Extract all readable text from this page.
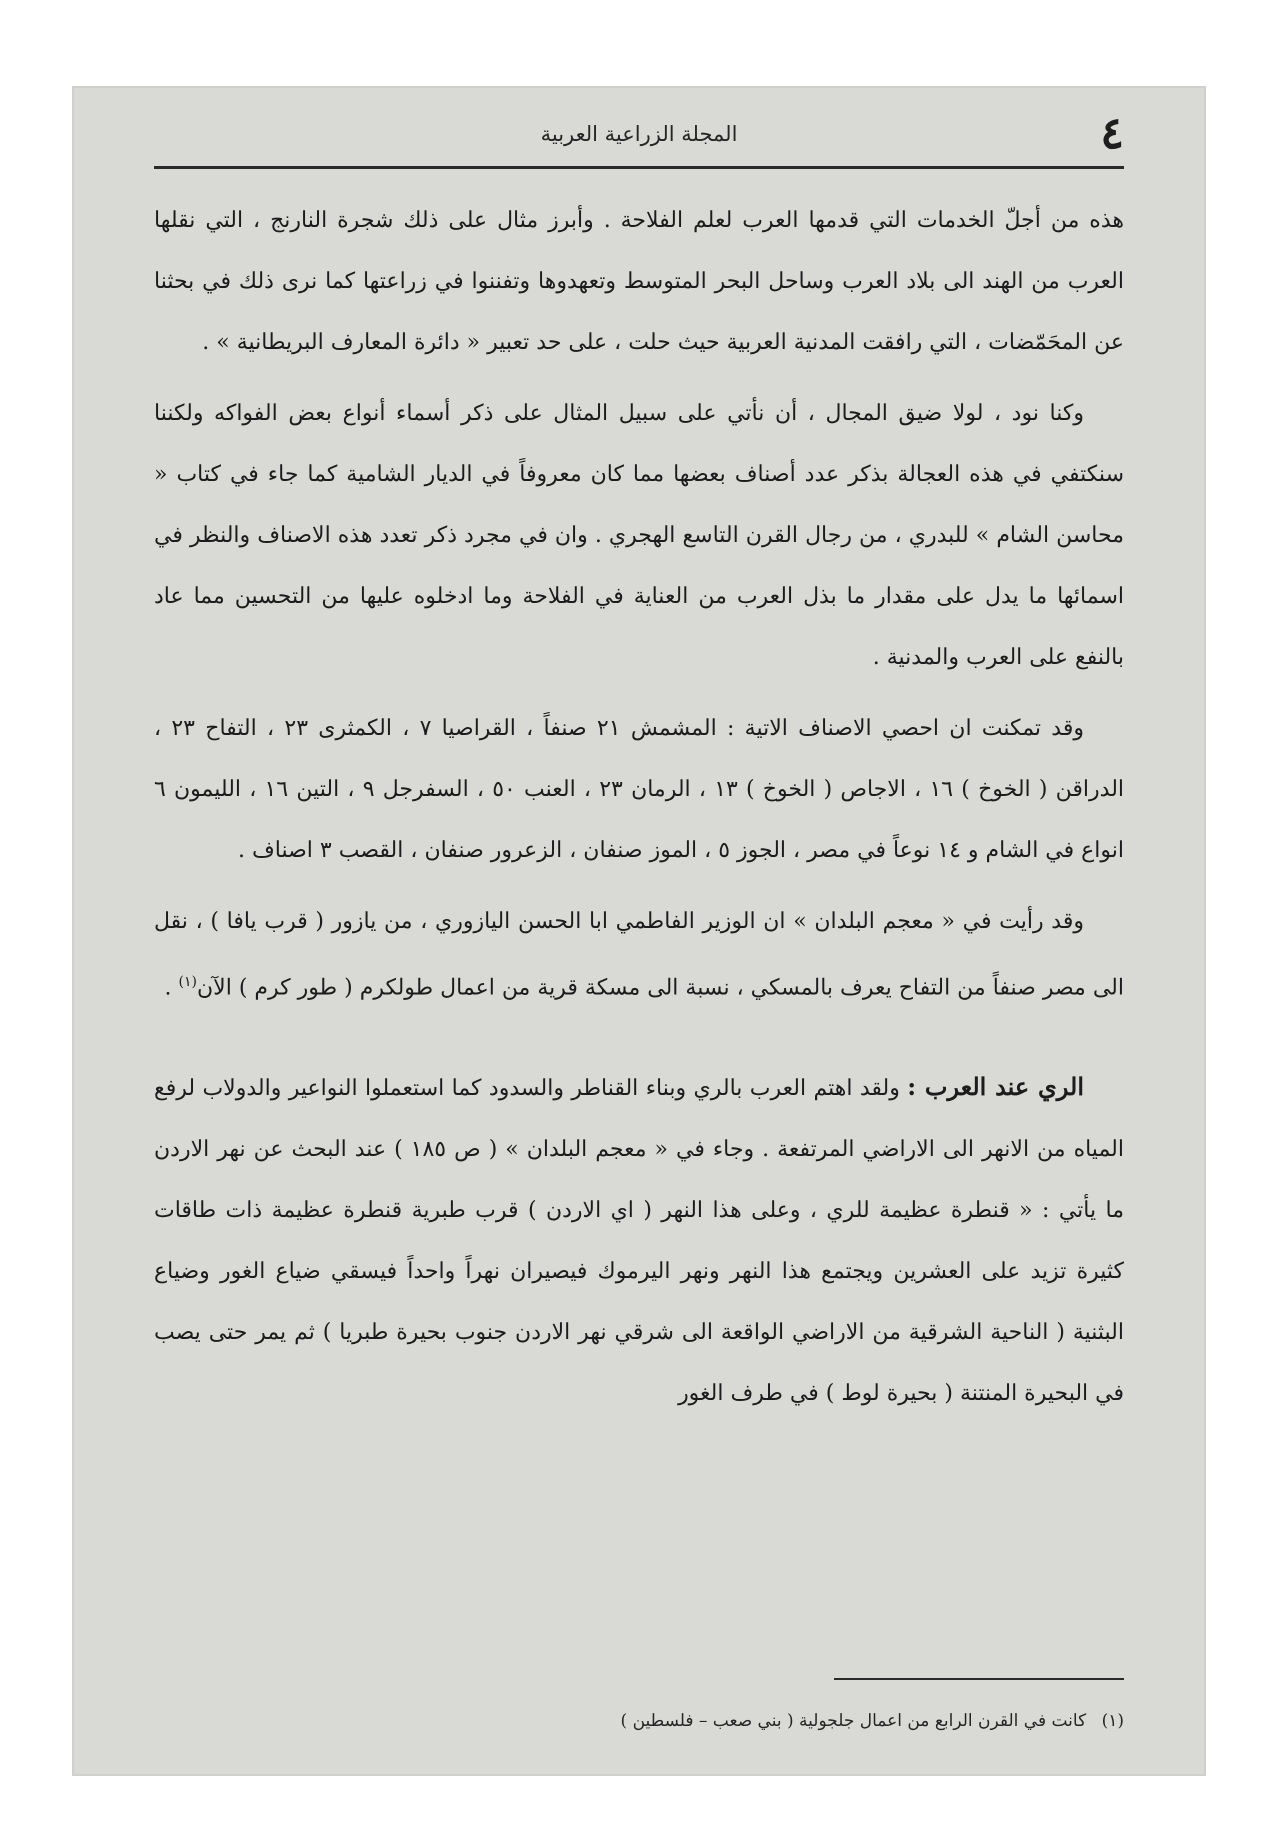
٤
المجلة الزراعية العربية

هذه من أجلّ الخدمات التي قدمها العرب لعلم الفلاحة . وأبرز مثال على ذلك شجرة النارنج ، التي نقلها العرب من الهند الى بلاد العرب وساحل البحر المتوسط وتعهدوها وتفننوا في زراعتها كما نرى ذلك في بحثنا عن المحَمّضات ، التي رافقت المدنية العربية حيث حلت ، على حد تعبير « دائرة المعارف البريطانية » .

وكنا نود ، لولا ضيق المجال ، أن نأتي على سبيل المثال على ذكر أسماء أنواع بعض الفواكه ولكننا سنكتفي في هذه العجالة بذكر عدد أصناف بعضها مما كان معروفاً في الديار الشامية كما جاء في كتاب « محاسن الشام » للبدري ، من رجال القرن التاسع الهجري . وان في مجرد ذكر تعدد هذه الاصناف والنظر في اسمائها ما يدل على مقدار ما بذل العرب من العناية في الفلاحة وما ادخلوه عليها من التحسين مما عاد بالنفع على العرب والمدنية .

وقد تمكنت ان احصي الاصناف الاتية : المشمش ٢١ صنفاً ، القراصيا ٧ ، الكمثرى ٢٣ ، التفاح ٢٣ ، الدراقن ( الخوخ ) ١٦ ، الاجاص ( الخوخ ) ١٣ ، الرمان ٢٣ ، العنب ٥٠ ، السفرجل ٩ ، التين ١٦ ، الليمون ٦ انواع في الشام و ١٤ نوعاً في مصر ، الجوز ٥ ، الموز صنفان ، الزعرور صنفان ، القصب ٣ اصناف .

وقد رأيت في « معجم البلدان » ان الوزير الفاطمي ابا الحسن اليازوري ، من يازور ( قرب يافا ) ، نقل الى مصر صنفاً من التفاح يعرف بالمسكي ، نسبة الى مسكة قرية من اعمال طولكرم ( طور كرم ) الآن$^{(١)}$ .

الري عند العرب : ولقد اهتم العرب بالري وبناء القناطر والسدود كما استعملوا النواعير والدولاب لرفع المياه من الانهر الى الاراضي المرتفعة . وجاء في « معجم البلدان » ( ص ١٨٥ ) عند البحث عن نهر الاردن ما يأتي : « قنطرة عظيمة للري ، وعلى هذا النهر ( اي الاردن ) قرب طبرية قنطرة عظيمة ذات طاقات كثيرة تزيد على العشرين ويجتمع هذا النهر ونهر اليرموك فيصيران نهراً واحداً فيسقي ضياع الغور وضياع البثنية ( الناحية الشرقية من الاراضي الواقعة الى شرقي نهر الاردن جنوب بحيرة طبريا ) ثم يمر حتى يصب في البحيرة المنتنة ( بحيرة لوط ) في طرف الغور

(١) كانت في القرن الرابع من اعمال جلجولية ( بني صعب – فلسطين )
